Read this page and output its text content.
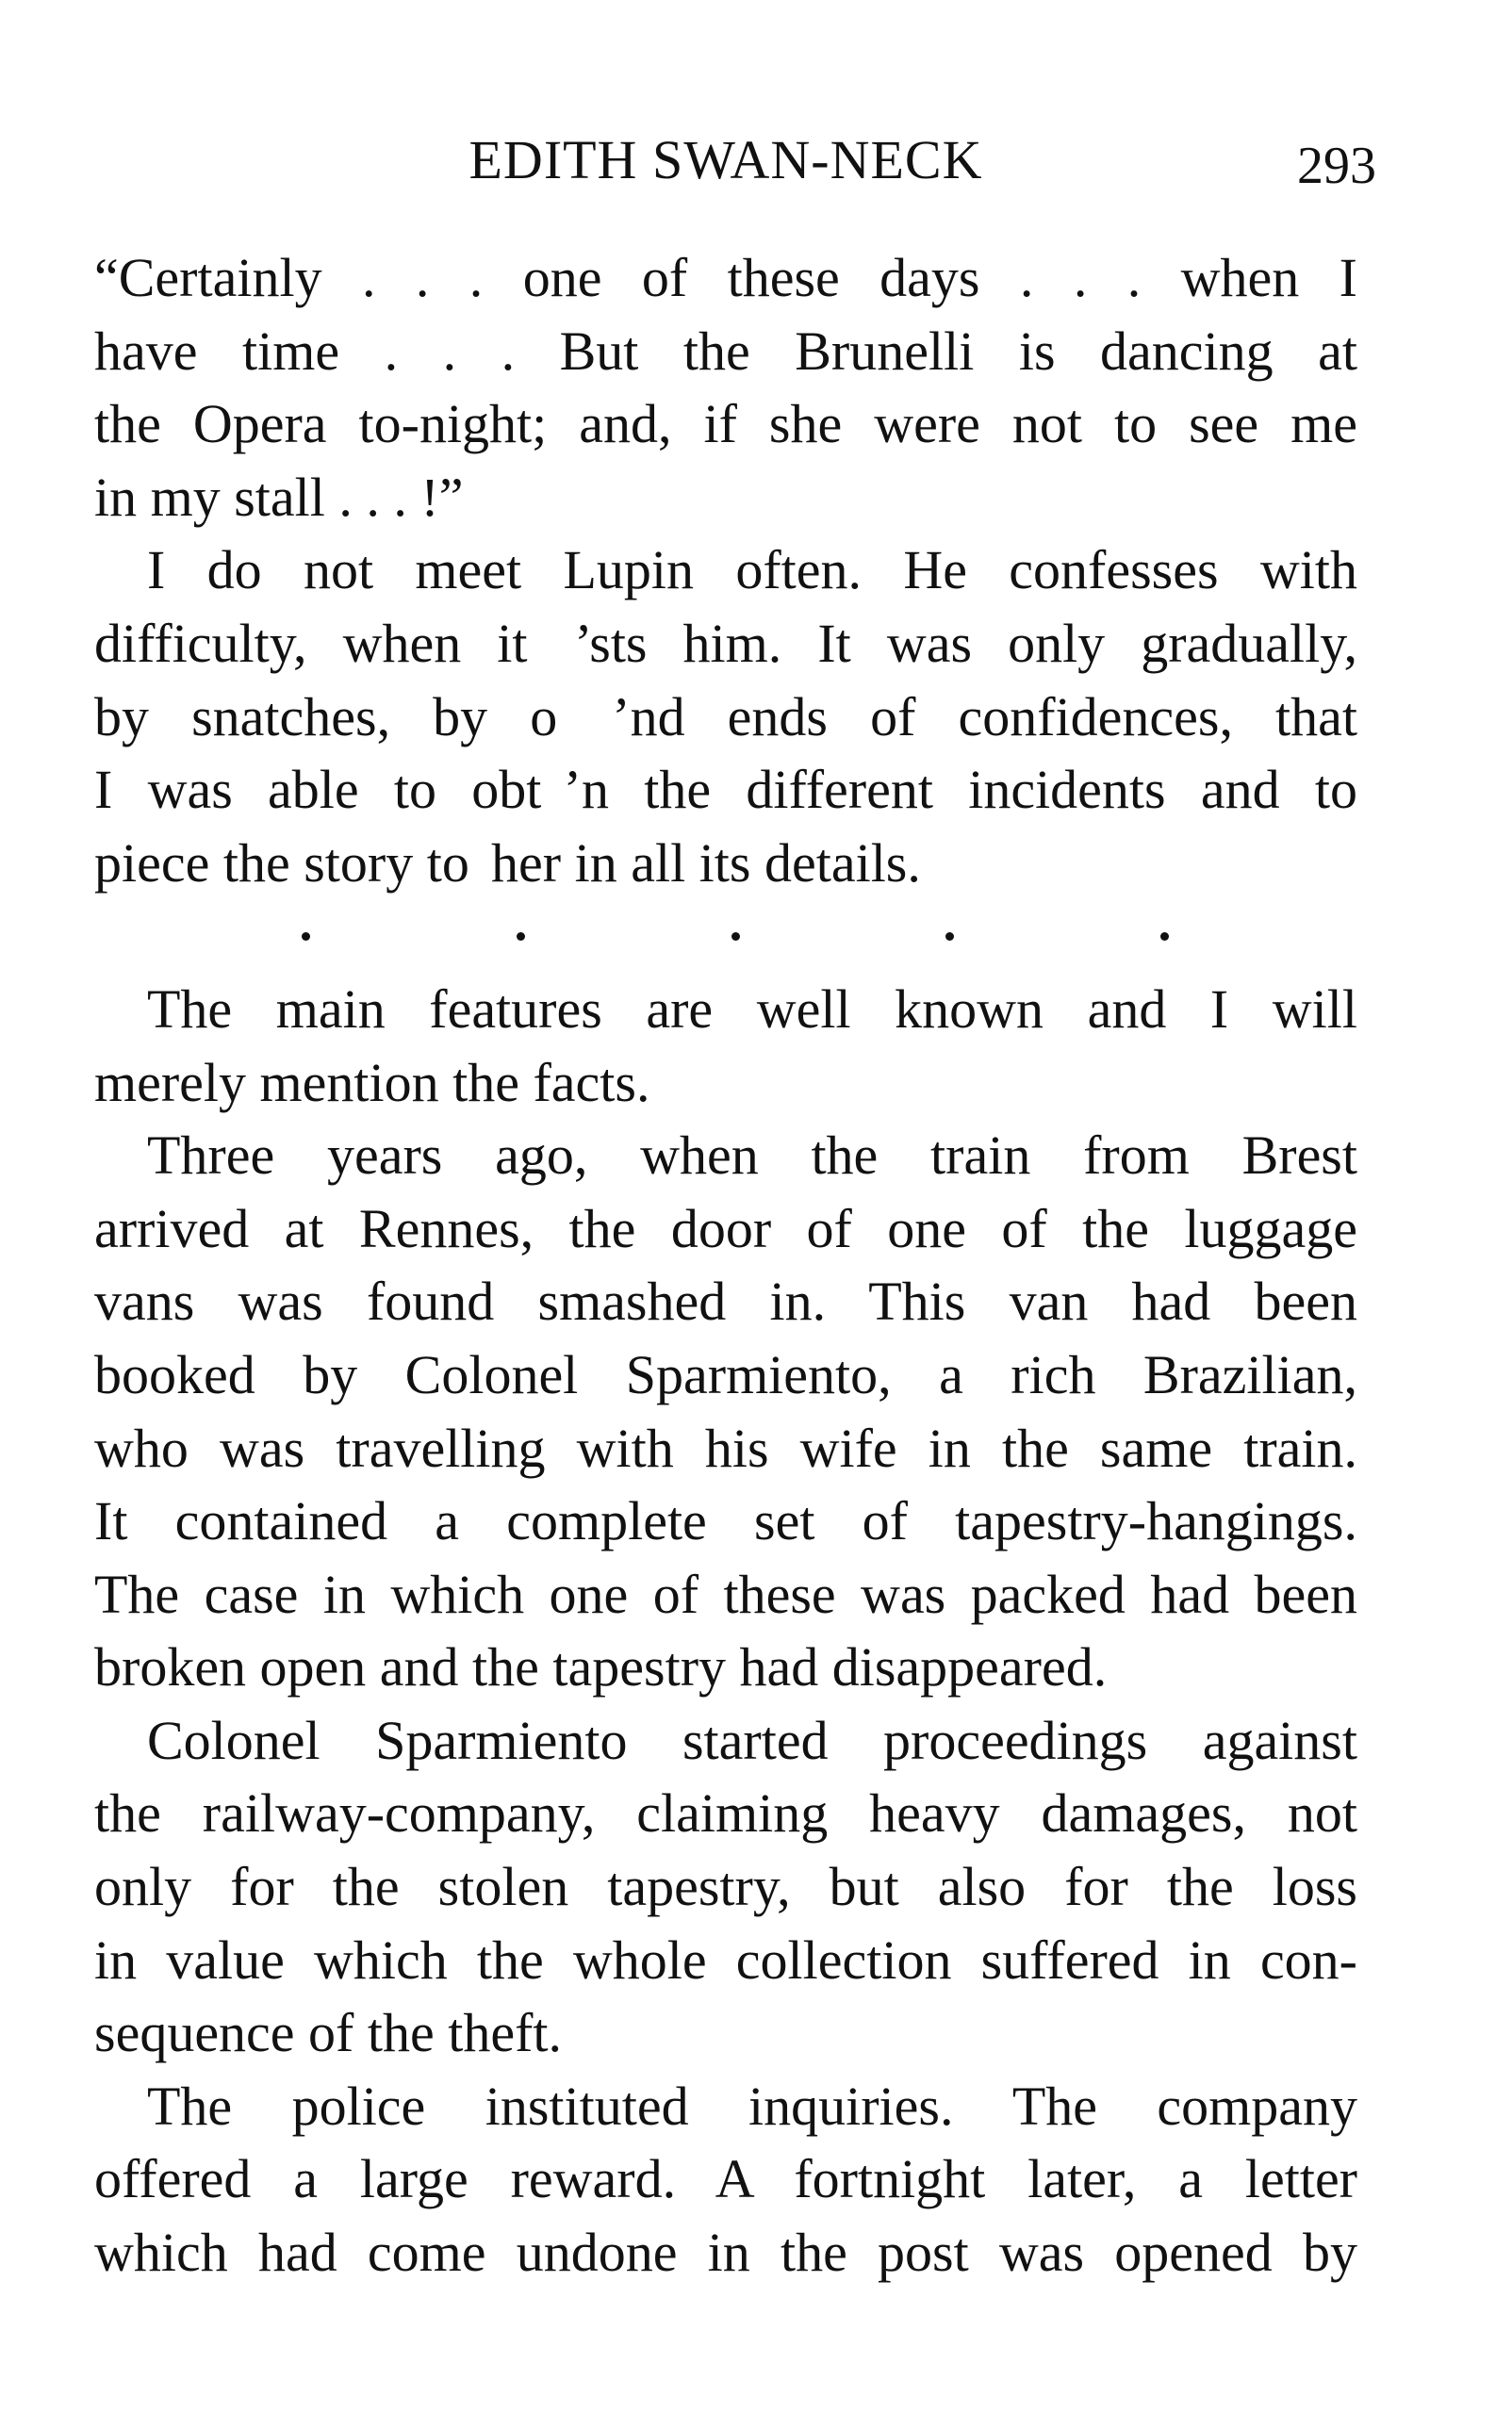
EDITH SWAN-NECK	293
“Certainly . . . one of these days . . . when I
have time . . . But the Brunelli is dancing at
the Opera to-night; and, if she were not to see me
in my stall . . . !”
I do not meet Lupin often. He confesses with
difficulty, when it  ’sts him. It was only gradually,
by snatches, by o     ’nd ends of confidences, that
I was able to obt  ’n the different incidents and to
piece the story to  her in all its details.
The main features are well known and I will
merely mention the facts.
Three years ago, when the train from Brest
arrived at Rennes, the door of one of the luggage
vans was found smashed in. This van had been
booked by Colonel Sparmiento, a rich Brazilian,
who was travelling with his wife in the same train.
It contained a complete set of tapestry-hangings.
The case in which one of these was packed had been
broken open and the tapestry had disappeared.
Colonel Sparmiento started proceedings against
the railway-company, claiming heavy damages, not
only for the stolen tapestry, but also for the loss
in value which the whole collection suffered in con-
sequence of the theft.
The police instituted inquiries. The company
offered a large reward. A fortnight later, a letter
which had come undone in the post was opened by
